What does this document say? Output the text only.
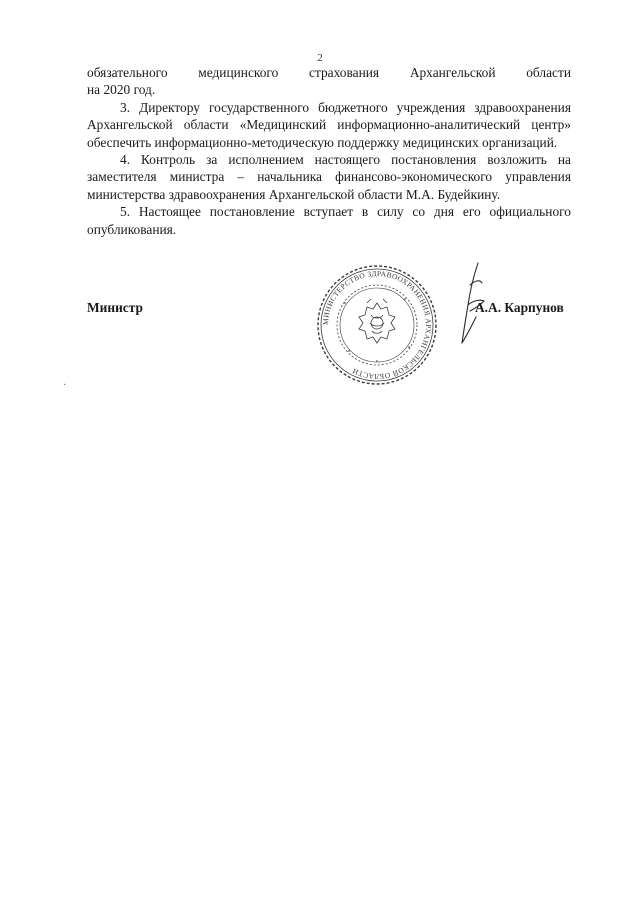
2

обязательного медицинского страхования Архангельской области

на 2020 год.

3. Директору государственного бюджетного учреждения здравоохранения Архангельской области «Медицинский информационно-аналитический центр» обеспечить информационно-методическую поддержку медицинских организаций.

4. Контроль за исполнением настоящего постановления возложить на заместителя министра – начальника финансово-экономического управления министерства здравоохранения Архангельской области М.А. Будейкину.

5. Настоящее постановление вступает в силу со дня его официального опубликования.

Министр
МИНИСТЕРСТВО ЗДРАВООХРАНЕНИЯ АРХАНГЕЛЬСКОЙ ОБЛАСТИ
А.А. Карпунов
·
